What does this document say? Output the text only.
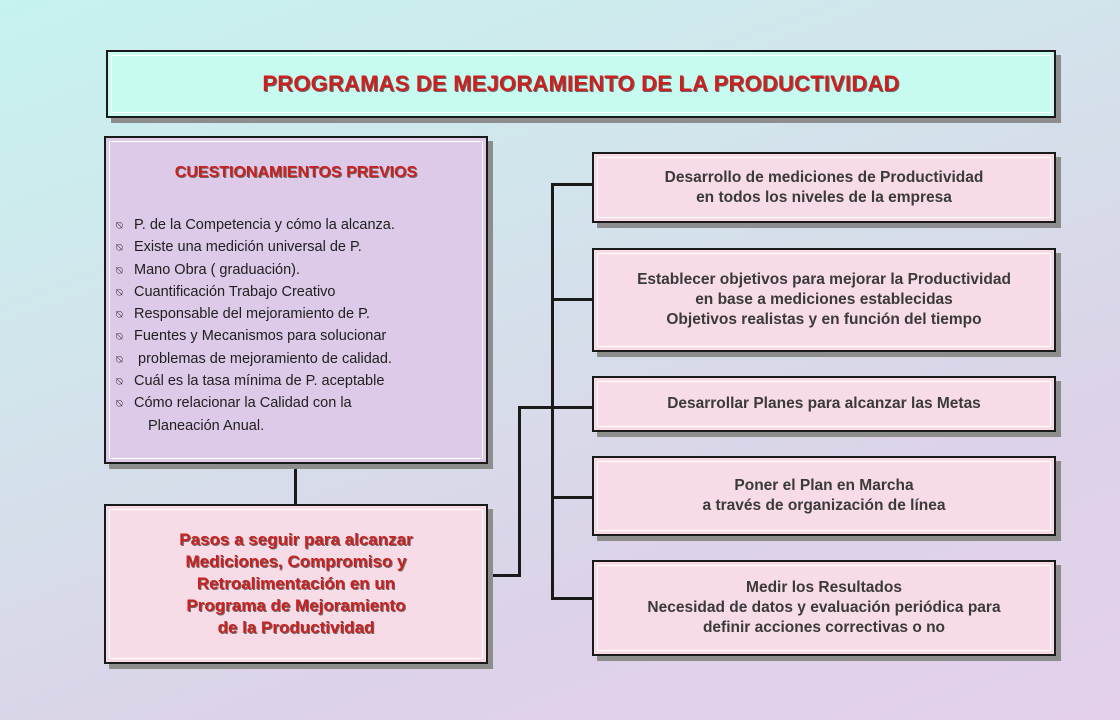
PROGRAMAS DE MEJORAMIENTO DE LA PRODUCTIVIDAD
CUESTIONAMIENTOS PREVIOS
⍉ P. de la Competencia y cómo la alcanza.
⍉ Existe una medición universal de P.
⍉ Mano Obra ( graduación).
⍉ Cuantificación Trabajo Creativo
⍉ Responsable del mejoramiento de P.
⍉ Fuentes y Mecanismos para solucionar
⍉ problemas de mejoramiento de calidad.
⍉ Cuál es la tasa mínima de P. aceptable
⍉ Cómo relacionar la Calidad con la
Planeación Anual.
Pasos a seguir para alcanzar
Mediciones, Compromiso y
Retroalimentación en un
Programa de Mejoramiento
de la Productividad
Desarrollo de mediciones de Productividad
en todos los niveles de la empresa
Establecer objetivos para mejorar la Productividad
en base a mediciones establecidas
Objetivos realistas y en función del tiempo
Desarrollar Planes para alcanzar las Metas
Poner el Plan en Marcha
a través de organización de línea
Medir los Resultados
Necesidad de datos y evaluación periódica para
definir acciones correctivas o no
